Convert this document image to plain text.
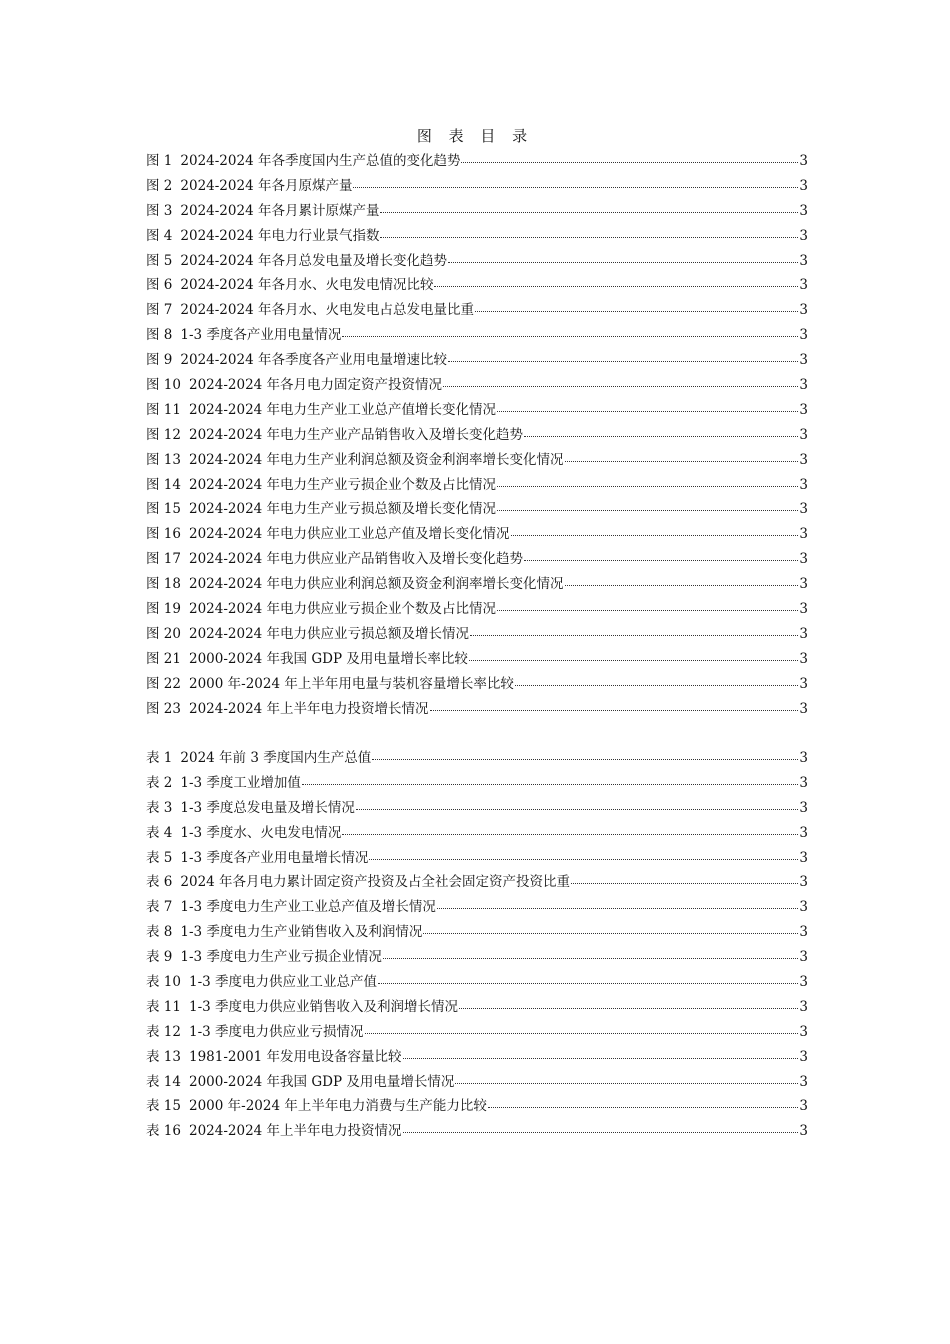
图 表 目 录
图 1 2024-2024 年各季度国内生产总值的变化趋势	3
图 2 2024-2024 年各月原煤产量	3
图 3 2024-2024 年各月累计原煤产量	3
图 4 2024-2024 年电力行业景气指数	3
图 5 2024-2024 年各月总发电量及增长变化趋势	3
图 6 2024-2024 年各月水、火电发电情况比较	3
图 7 2024-2024 年各月水、火电发电占总发电量比重	3
图 8 1-3 季度各产业用电量情况	3
图 9 2024-2024 年各季度各产业用电量增速比较	3
图 10 2024-2024 年各月电力固定资产投资情况	3
图 11 2024-2024 年电力生产业工业总产值增长变化情况	3
图 12 2024-2024 年电力生产业产品销售收入及增长变化趋势	3
图 13 2024-2024 年电力生产业利润总额及资金利润率增长变化情况	3
图 14 2024-2024 年电力生产业亏损企业个数及占比情况	3
图 15 2024-2024 年电力生产业亏损总额及增长变化情况	3
图 16 2024-2024 年电力供应业工业总产值及增长变化情况	3
图 17 2024-2024 年电力供应业产品销售收入及增长变化趋势	3
图 18 2024-2024 年电力供应业利润总额及资金利润率增长变化情况	3
图 19 2024-2024 年电力供应业亏损企业个数及占比情况	3
图 20 2024-2024 年电力供应业亏损总额及增长情况	3
图 21 2000-2024 年我国 GDP 及用电量增长率比较	3
图 22 2000 年-2024 年上半年用电量与装机容量增长率比较	3
图 23 2024-2024 年上半年电力投资增长情况	3
表 1 2024 年前 3 季度国内生产总值	3
表 2 1-3 季度工业增加值	3
表 3 1-3 季度总发电量及增长情况	3
表 4 1-3 季度水、火电发电情况	3
表 5 1-3 季度各产业用电量增长情况	3
表 6 2024 年各月电力累计固定资产投资及占全社会固定资产投资比重	3
表 7 1-3 季度电力生产业工业总产值及增长情况	3
表 8 1-3 季度电力生产业销售收入及利润情况	3
表 9 1-3 季度电力生产业亏损企业情况	3
表 10 1-3 季度电力供应业工业总产值	3
表 11 1-3 季度电力供应业销售收入及利润增长情况	3
表 12 1-3 季度电力供应业亏损情况	3
表 13 1981-2001 年发用电设备容量比较	3
表 14 2000-2024 年我国 GDP 及用电量增长情况	3
表 15 2000 年-2024 年上半年电力消费与生产能力比较	3
表 16 2024-2024 年上半年电力投资情况	3
